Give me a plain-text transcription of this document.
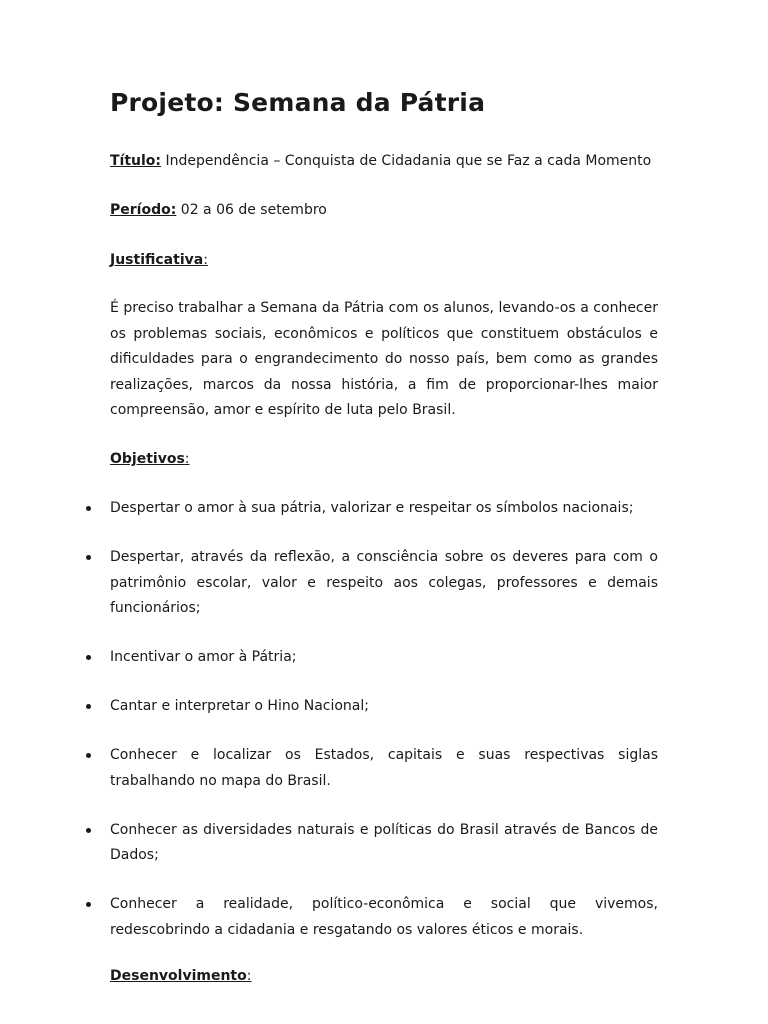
Projeto: Semana da Pátria

Título: Independência – Conquista de Cidadania que se Faz a cada Momento

Período: 02 a 06 de setembro

Justificativa:

É preciso trabalhar a Semana da Pátria com os alunos, levando-os a conhecer os problemas sociais, econômicos e políticos que constituem obstáculos e dificuldades para o engrandecimento do nosso país, bem como as grandes realizações, marcos da nossa história, a fim de proporcionar-lhes maior compreensão, amor e espírito de luta pelo Brasil.

Objetivos:

Despertar o amor à sua pátria, valorizar e respeitar os símbolos nacionais;
Despertar, através da reflexão, a consciência sobre os deveres para com o patrimônio escolar, valor e respeito aos colegas, professores e demais funcionários;
Incentivar o amor à Pátria;
Cantar e interpretar o Hino Nacional;
Conhecer e localizar os Estados, capitais e suas respectivas siglas trabalhando no mapa do Brasil.
Conhecer as diversidades naturais e políticas do Brasil através de Bancos de Dados;
Conhecer a realidade, político-econômica e social que vivemos, redescobrindo a cidadania e resgatando os valores éticos e morais.

Desenvolvimento:
